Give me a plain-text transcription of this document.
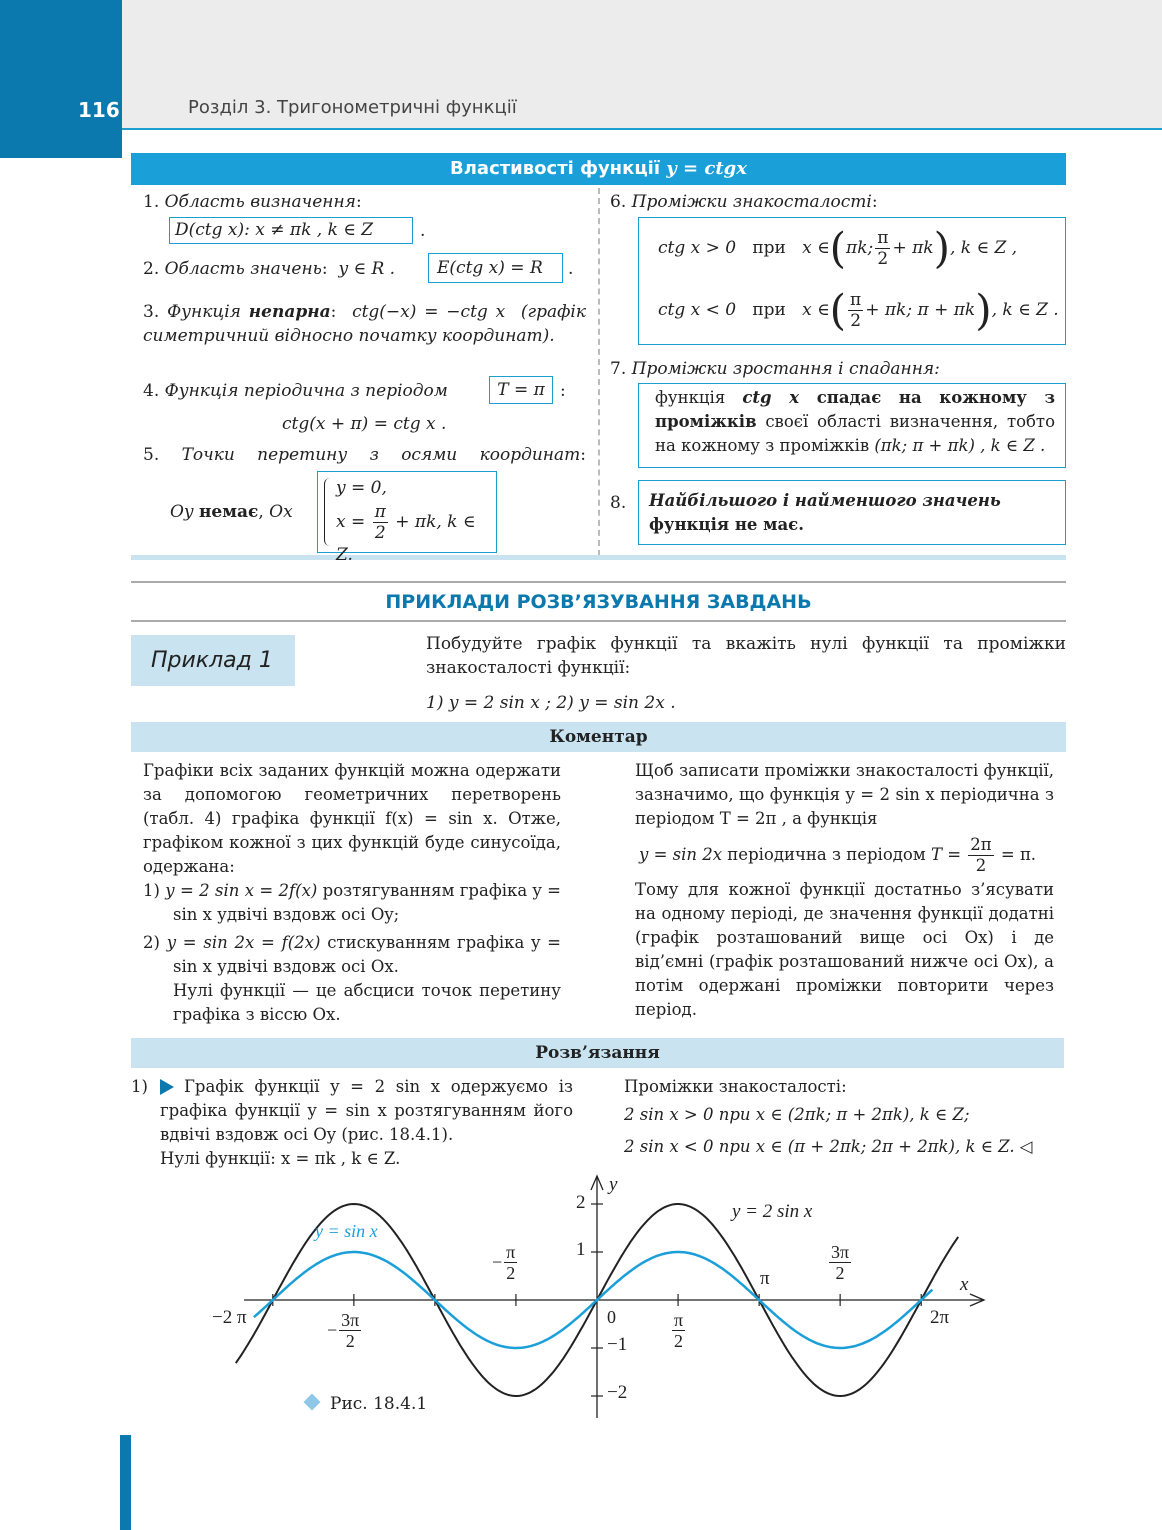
116	Розділ 3. Тригонометричні функції
Властивості функції y = ctgx
1. Область визначення:
D(ctg x): x ≠ πk , k ∈ Z	.
2. Область значень:  y ∈ R .	E(ctg x) = R	.
3. Функція непарна:  ctg(−x) = −ctg x (графік симетричний відносно початку координат).
4. Функція періодична з періодом	T = π :
ctg(x + π) = ctg x .
5. Точки перетину з осями координат:
Oy немає, Ox
y = 0,
$x = \frac{\pi}{2} + \pi k$, k ∈ Z.
6. Проміжки знакосталості:
ctg x > 0 при x ∈(πk; $\frac{\pi}{2} + \pi k$), k ∈ Z ,
ctg x < 0 при x ∈( $\frac{\pi}{2} + \pi k$; π + πk), k ∈ Z .
7. Проміжки зростання і спадання:
функція ctg x спадає на кожному з проміжків своєї області визначення, тобто на кожному з проміжків (πk; π + πk) , k ∈ Z .
8. Найбільшого і найменшого значень
функція не має.
ПРИКЛАДИ РОЗВ’ЯЗУВАННЯ ЗАВДАНЬ
Приклад 1
Побудуйте графік функції та вкажіть нулі функції та проміжки знакосталості функції:
1) y = 2 sin x ; 2) y = sin 2x .
Коментар
Графіки всіх заданих функцій можна одержати за допомогою геометричних перетворень (табл. 4) графіка функції f(x) = sin x. Отже, графіком кожної з цих функцій буде синусоїда, одержана:
1) y = 2 sin x = 2f(x) розтягуванням графіка y = sin x удвічі вздовж осі Oy;
2) y = sin 2x = f(2x) стискуванням графіка y = sin x удвічі вздовж осі Ox.
Нулі функції — це абсциси точок перетину графіка з віссю Ox.
Щоб записати проміжки знакосталості функції, зазначимо, що функція y = 2 sin x періодична з періодом T = 2π , а функція
y = sin 2x періодична з періодом $T = \frac{2\pi}{2} = \pi$.
Тому для кожної функції достатньо з’ясувати на одному періоді, де значення функції додатні (графік розташований вище осі Ox) і де від’ємні (графік розташований нижче осі Ox), а потім одержані проміжки повторити через період.
Розв’язання
1)	Графік функції y = 2 sin x одержуємо із графіка функції y = sin x розтягуванням його вдвічі вздовж осі Oy (рис. 18.4.1).
Нулі функції: x = πk , k ∈ Z.
Проміжки знакосталості:
2 sin x > 0 при x ∈ (2πk; π + 2πk), k ∈ Z;
2 sin x < 0 при x ∈ (π + 2πk; 2π + 2πk), k ∈ Z. ◁
y = sin x
y = 2 sin x
x
y
0
−2 π
− $\frac{3\pi}{2}$
− $\frac{\pi}{2}$
$\frac{\pi}{2}$
π	$\frac{3\pi}{2}$
2π
2
1
−1
−2
Рис. 18.4.1
